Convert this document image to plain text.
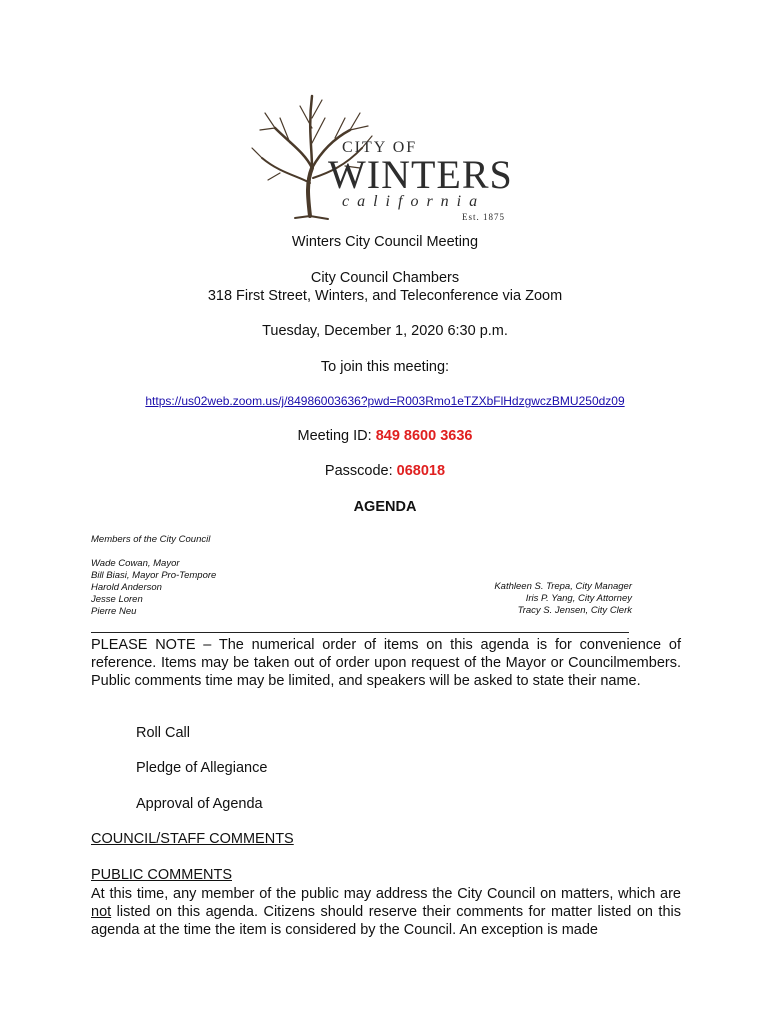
CITY OF
WINTERS
california
Est. 1875
Winters City Council Meeting
City Council Chambers
318 First Street, Winters, and Teleconference via Zoom
Tuesday, December 1, 2020 6:30 p.m.
To join this meeting:
https://us02web.zoom.us/j/84986003636?pwd=R003Rmo1eTZXbFlHdzgwczBMU250dz09
Meeting ID: 849 8600 3636
Passcode: 068018
AGENDA
Members of the City Council
Wade Cowan, Mayor
Bill Biasi, Mayor Pro-Tempore
Harold Anderson
Jesse Loren
Pierre Neu
Kathleen S. Trepa, City Manager
Iris P. Yang, City Attorney
Tracy S. Jensen, City Clerk
PLEASE NOTE – The numerical order of items on this agenda is for convenience of reference. Items may be taken out of order upon request of the Mayor or Councilmembers. Public comments time may be limited, and speakers will be asked to state their name.
Roll Call
Pledge of Allegiance
Approval of Agenda
COUNCIL/STAFF COMMENTS
PUBLIC COMMENTS
At this time, any member of the public may address the City Council on matters, which are not listed on this agenda. Citizens should reserve their comments for matter listed on this agenda at the time the item is considered by the Council. An exception is made
